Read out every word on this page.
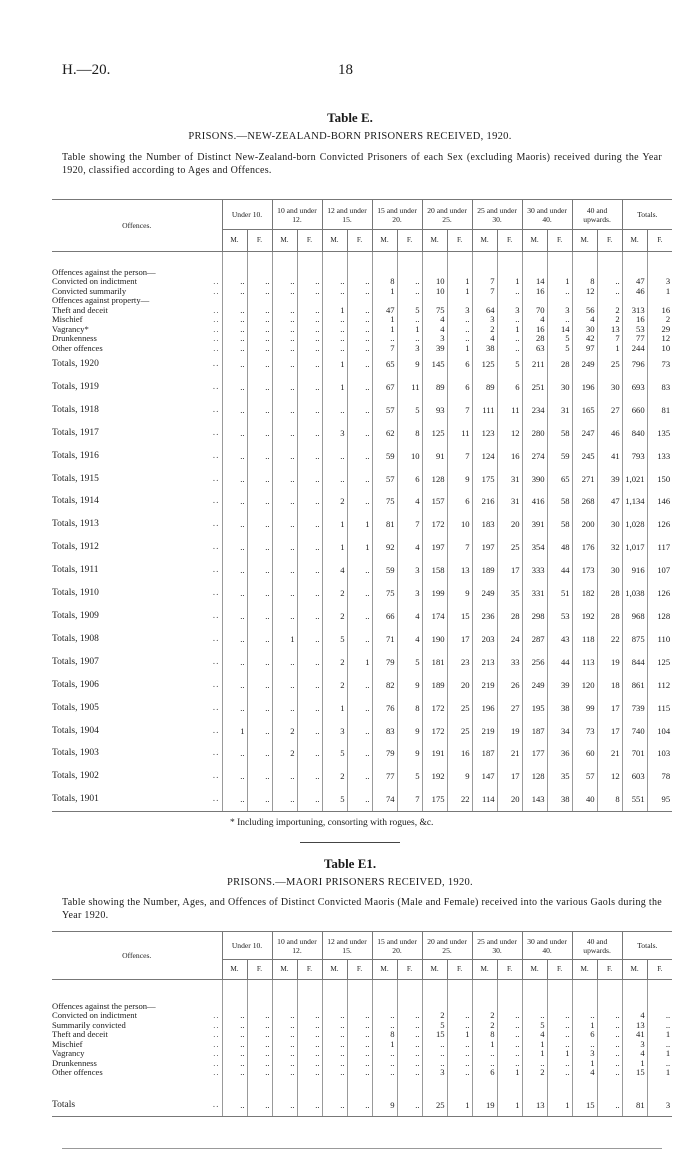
H.—20.	18
Table E.
PRISONS.—NEW-ZEALAND-BORN PRISONERS RECEIVED, 1920.
Table showing the Number of Distinct New-Zealand-born Convicted Prisoners of each Sex (excluding Maoris) received during the Year 1920, classified according to Ages and Offences.
Offences.	Under 10.		10 and under 12.		12 and under 15.		15 and under 20.		20 and under 25.		25 and under 30.		30 and under 40.		40 and upwards.		Totals.	
	M.	F.	M.	F.	M.	F.	M.	F.	M.	F.	M.	F.	M.	F.	M.	F.	M.	F.

Offences against the person—																		

Convicted on indictment ..	..	..	..	..	..	..	8	..	10	1	7	1	14	1	8	..	47	3

Convicted summarily ..	..	..	..	..	..	..	1	..	10	1	7	..	16	..	12	..	46	1

Offences against property—																		

Theft and deceit ..	..	..	..	..	1	..	47	5	75	3	64	3	70	3	56	2	313	16

Mischief ..	..	..	..	..	..	..	1	..	4	..	3	..	4	..	4	2	16	2

Vagrancy* ..	..	..	..	..	..	..	1	1	4	..	2	1	16	14	30	13	53	29

Drunkenness ..	..	..	..	..	..	..	..	..	3	..	4	..	28	5	42	7	77	12

Other offences ..	..	..	..	..	..	..	7	3	39	1	38	..	63	5	97	1	244	10

Totals, 1920 ..	..	..	..	..	1	..	65	9	145	6	125	5	211	28	249	25	796	73

Totals, 1919 ..	..	..	..	..	1	..	67	11	89	6	89	6	251	30	196	30	693	83

Totals, 1918 ..	..	..	..	..	..	..	57	5	93	7	111	11	234	31	165	27	660	81

Totals, 1917 ..	..	..	..	..	3	..	62	8	125	11	123	12	280	58	247	46	840	135

Totals, 1916 ..	..	..	..	..	..	..	59	10	91	7	124	16	274	59	245	41	793	133

Totals, 1915 ..	..	..	..	..	..	..	57	6	128	9	175	31	390	65	271	39	1,021	150

Totals, 1914 ..	..	..	..	..	2	..	75	4	157	6	216	31	416	58	268	47	1,134	146

Totals, 1913 ..	..	..	..	..	1	1	81	7	172	10	183	20	391	58	200	30	1,028	126

Totals, 1912 ..	..	..	..	..	1	1	92	4	197	7	197	25	354	48	176	32	1,017	117

Totals, 1911 ..	..	..	..	..	4	..	59	3	158	13	189	17	333	44	173	30	916	107

Totals, 1910 ..	..	..	..	..	2	..	75	3	199	9	249	35	331	51	182	28	1,038	126

Totals, 1909 ..	..	..	..	..	2	..	66	4	174	15	236	28	298	53	192	28	968	128

Totals, 1908 ..	..	..	1	..	5	..	71	4	190	17	203	24	287	43	118	22	875	110

Totals, 1907 ..	..	..	..	..	2	1	79	5	181	23	213	33	256	44	113	19	844	125

Totals, 1906 ..	..	..	..	..	2	..	82	9	189	20	219	26	249	39	120	18	861	112

Totals, 1905 ..	..	..	..	..	1	..	76	8	172	25	196	27	195	38	99	17	739	115

Totals, 1904 ..	1	..	2	..	3	..	83	9	172	25	219	19	187	34	73	17	740	104

Totals, 1903 ..	..	..	2	..	5	..	79	9	191	16	187	21	177	36	60	21	701	103

Totals, 1902 ..	..	..	..	..	2	..	77	5	192	9	147	17	128	35	57	12	603	78

Totals, 1901 ..	..	..	..	..	5	..	74	7	175	22	114	20	143	38	40	8	551	95
* Including importuning, consorting with rogues, &c.
Table E1.
PRISONS.—MAORI PRISONERS RECEIVED, 1920.
Table showing the Number, Ages, and Offences of Distinct Convicted Maoris (Male and Female) received into the various Gaols during the Year 1920.
Offences.	Under 10.		10 and under 12.		12 and under 15.		15 and under 20.		20 and under 25.		25 and under 30.		30 and under 40.		40 and upwards.		Totals.	
	M.	F.	M.	F.	M.	F.	M.	F.	M.	F.	M.	F.	M.	F.	M.	F.	M.	F.

Offences against the person—																		

Convicted on indictment ..	..	..	..	..	..	..	..	..	2	..	2	..	..	..	..	..	4	..

Summarily convicted ..	..	..	..	..	..	..	..	..	5	..	2	..	5	..	1	..	13	..

Theft and deceit ..	..	..	..	..	..	..	8	..	15	1	8	..	4	..	6	..	41	1

Mischief ..	..	..	..	..	..	..	1	..	..	..	1	..	1	..	..	..	3	..

Vagrancy ..	..	..	..	..	..	..	..	..	..	..	..	..	1	1	3	..	4	1

Drunkenness ..	..	..	..	..	..	..	..	..	..	..	..	..	..	..	1	..	1	..

Other offences ..	..	..	..	..	..	..	..	..	3	..	6	1	2	..	4	..	15	1

Totals ..	..	..	..	..	..	..	9	..	25	1	19	1	13	1	15	..	81	3
